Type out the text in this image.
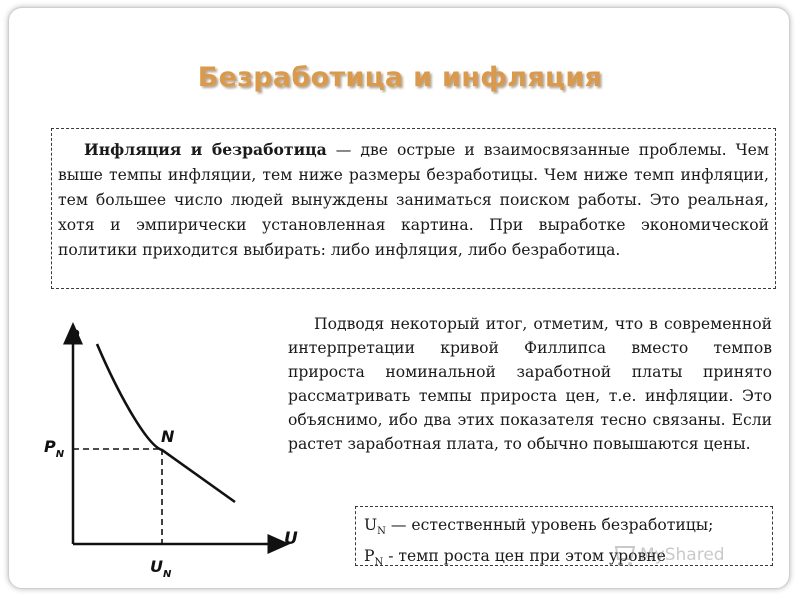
Безработица и инфляция
Инфляция и безработица — две острые и взаимосвязанные проблемы. Чем выше темпы инфляции, тем ниже размеры безработицы. Чем ниже темп инфляции, тем большее число людей вынуждены заниматься поиском работы. Это реальная, хотя и эмпирически установленная картина. При выработке экономической политики приходится выбирать: либо инфляция, либо безработица.
Подводя некоторый итог, отметим, что в современной интерпретации кривой Филлипса вместо темпов прироста номинальной заработной платы принято рассматривать темпы прироста цен, т.е. инфляции. Это объяснимо, ибо два этих показателя тесно связаны. Если растет заработная плата, то обычно повышаются цены.
$U_N$ — естественный уровень безработицы;
$P_N$ - темп роста цен при этом уровне
MyShared
P
U
N
$P_N$
$U_N$
